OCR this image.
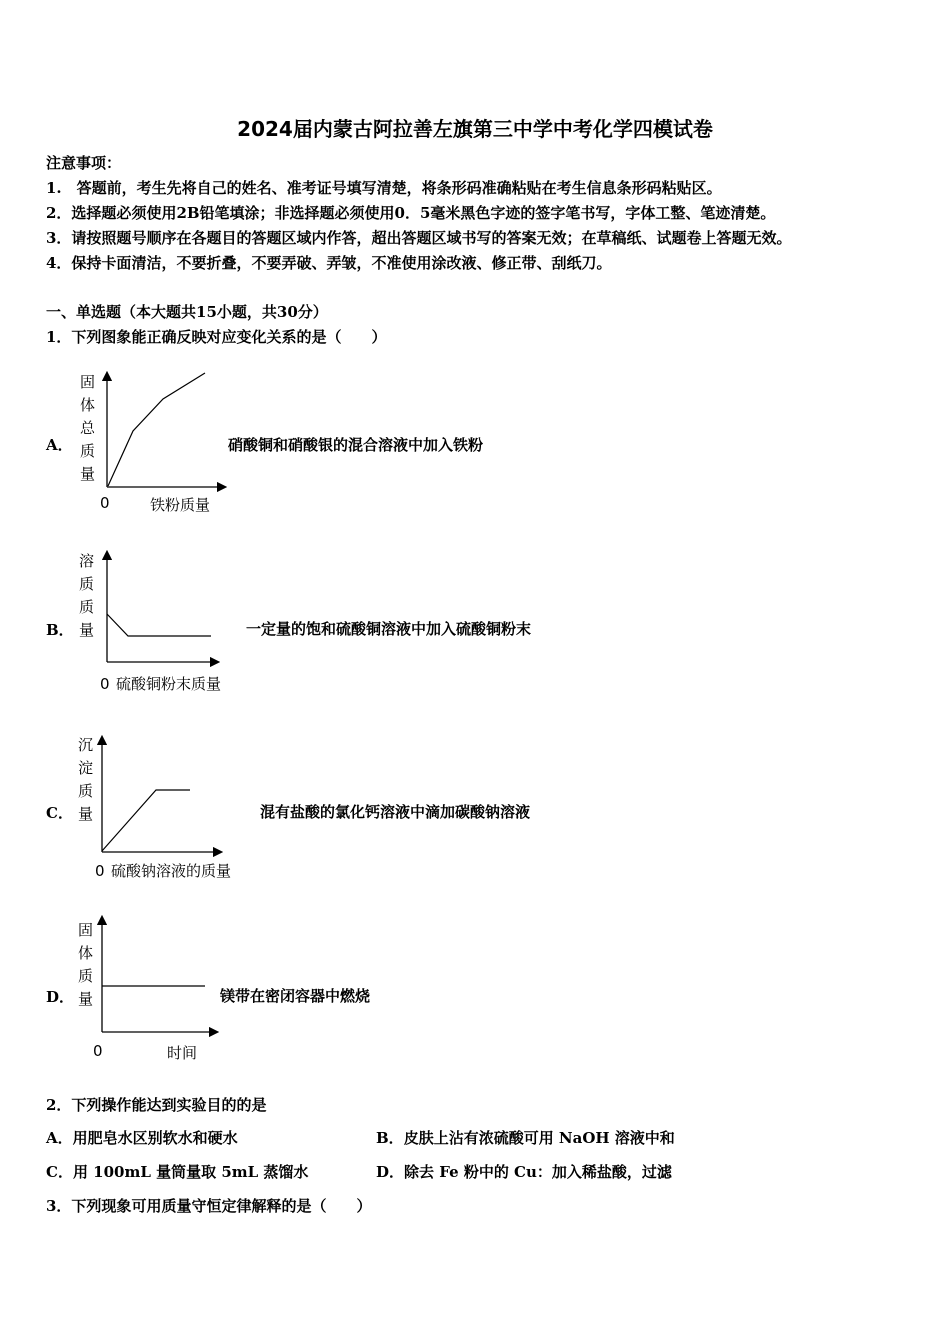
2024届内蒙古阿拉善左旗第三中学中考化学四模试卷
注意事项：
1.　答题前，考生先将自己的姓名、准考证号填写清楚，将条形码准确粘贴在考生信息条形码粘贴区。
2．选择题必须使用2B铅笔填涂；非选择题必须使用0．5毫米黑色字迹的签字笔书写，字体工整、笔迹清楚。
3．请按照题号顺序在各题目的答题区域内作答，超出答题区域书写的答案无效；在草稿纸、试题卷上答题无效。
4．保持卡面清洁，不要折叠，不要弄破、弄皱，不准使用涂改液、修正带、刮纸刀。
一、单选题（本大题共15小题，共30分）
1．下列图象能正确反映对应变化关系的是（　　）
A．
固
体
总
质
量
0	铁粉质量
溶
质
质
量
0 硫酸铜粉末质量
沉
淀
质
量
0 硫酸钠溶液的质量
固
体
质
量
0	时间
硝酸铜和硝酸银的混合溶液中加入铁粉
B．	一定量的饱和硫酸铜溶液中加入硫酸铜粉末
C．	混有盐酸的氯化钙溶液中滴加碳酸钠溶液
D．	镁带在密闭容器中燃烧
2．下列操作能达到实验目的的是
A．用肥皂水区别软水和硬水	B．皮肤上沾有浓硫酸可用 NaOH 溶液中和
C．用 100mL 量筒量取 5mL 蒸馏水	D．除去 Fe 粉中的 Cu：加入稀盐酸，过滤
3．下列现象可用质量守恒定律解释的是（　　）
